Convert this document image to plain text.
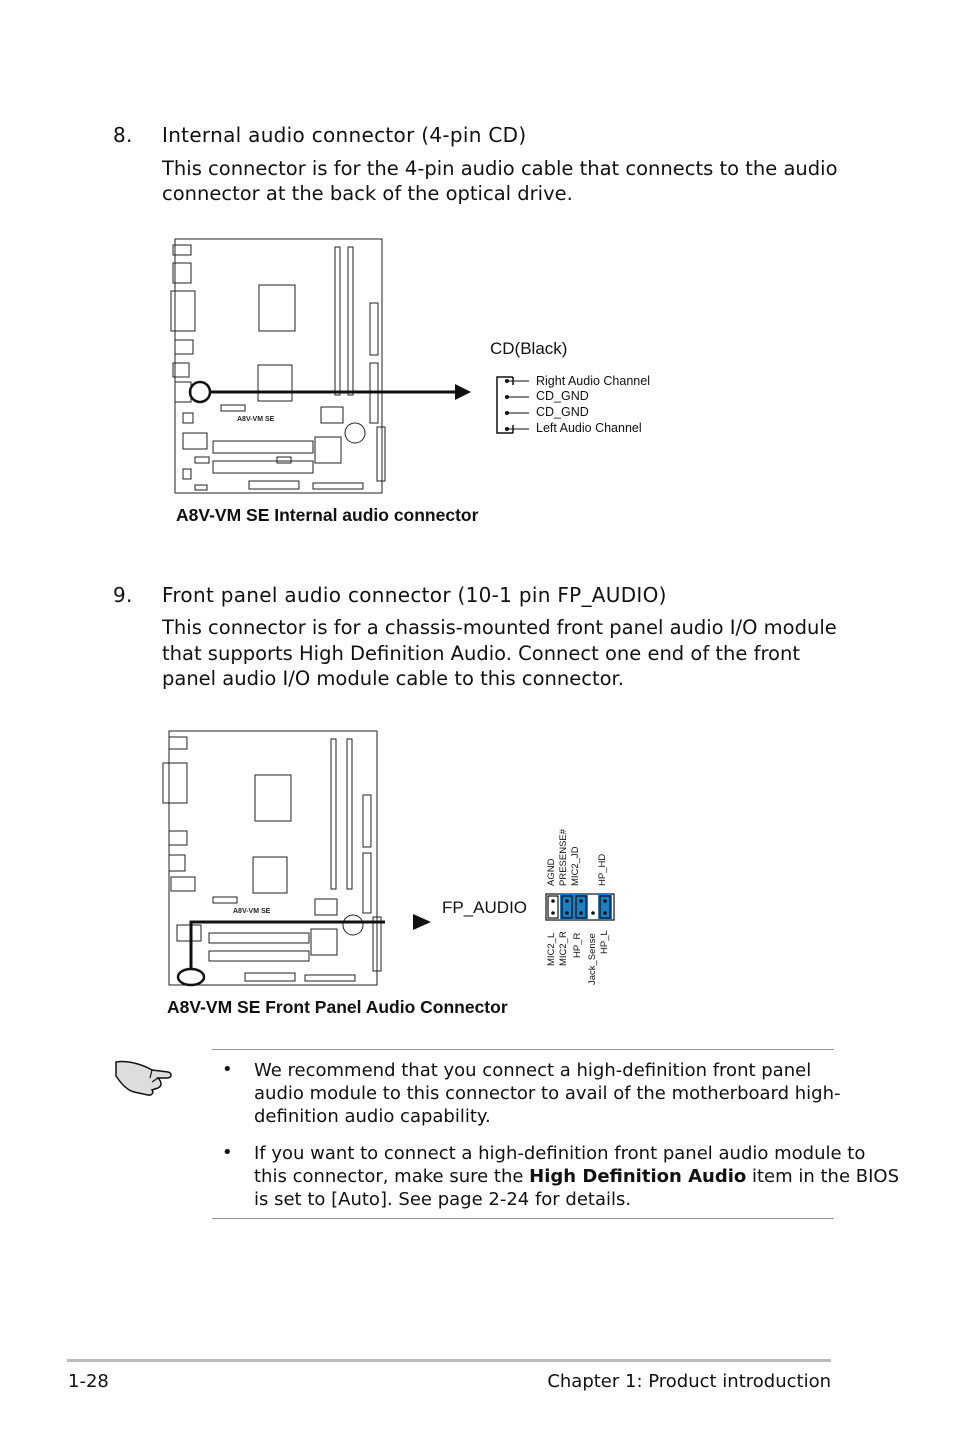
8. Internal audio connector (4-pin CD)
This connector is for the 4-pin audio cable that connects to the audio
connector at the back of the optical drive.
A8V-VM SE
CD(Black)
Right Audio Channel
CD_GND
CD_GND
Left Audio Channel
A8V-VM SE Internal audio connector
9. Front panel audio connector (10-1 pin FP_AUDIO)
This connector is for a chassis-mounted front panel audio I/O module
that supports High Definition Audio. Connect one end of the front
panel audio I/O module cable to this connector.
A8V-VM SE	FP_AUDIO
AGND PRESENSE# MIC2_JD HP_HD
MIC2_L MIC2_R HP_R Jack_Sense HP_L
A8V-VM SE Front Panel Audio Connector
• We recommend that you connect a high-definition front panel
audio module to this connector to avail of the motherboard high-
definition audio capability.
• If you want to connect a high-definition front panel audio module to
this connector, make sure the High Definition Audio item in the BIOS
is set to [Auto]. See page 2-24 for details.
1-28	Chapter 1: Product introduction
